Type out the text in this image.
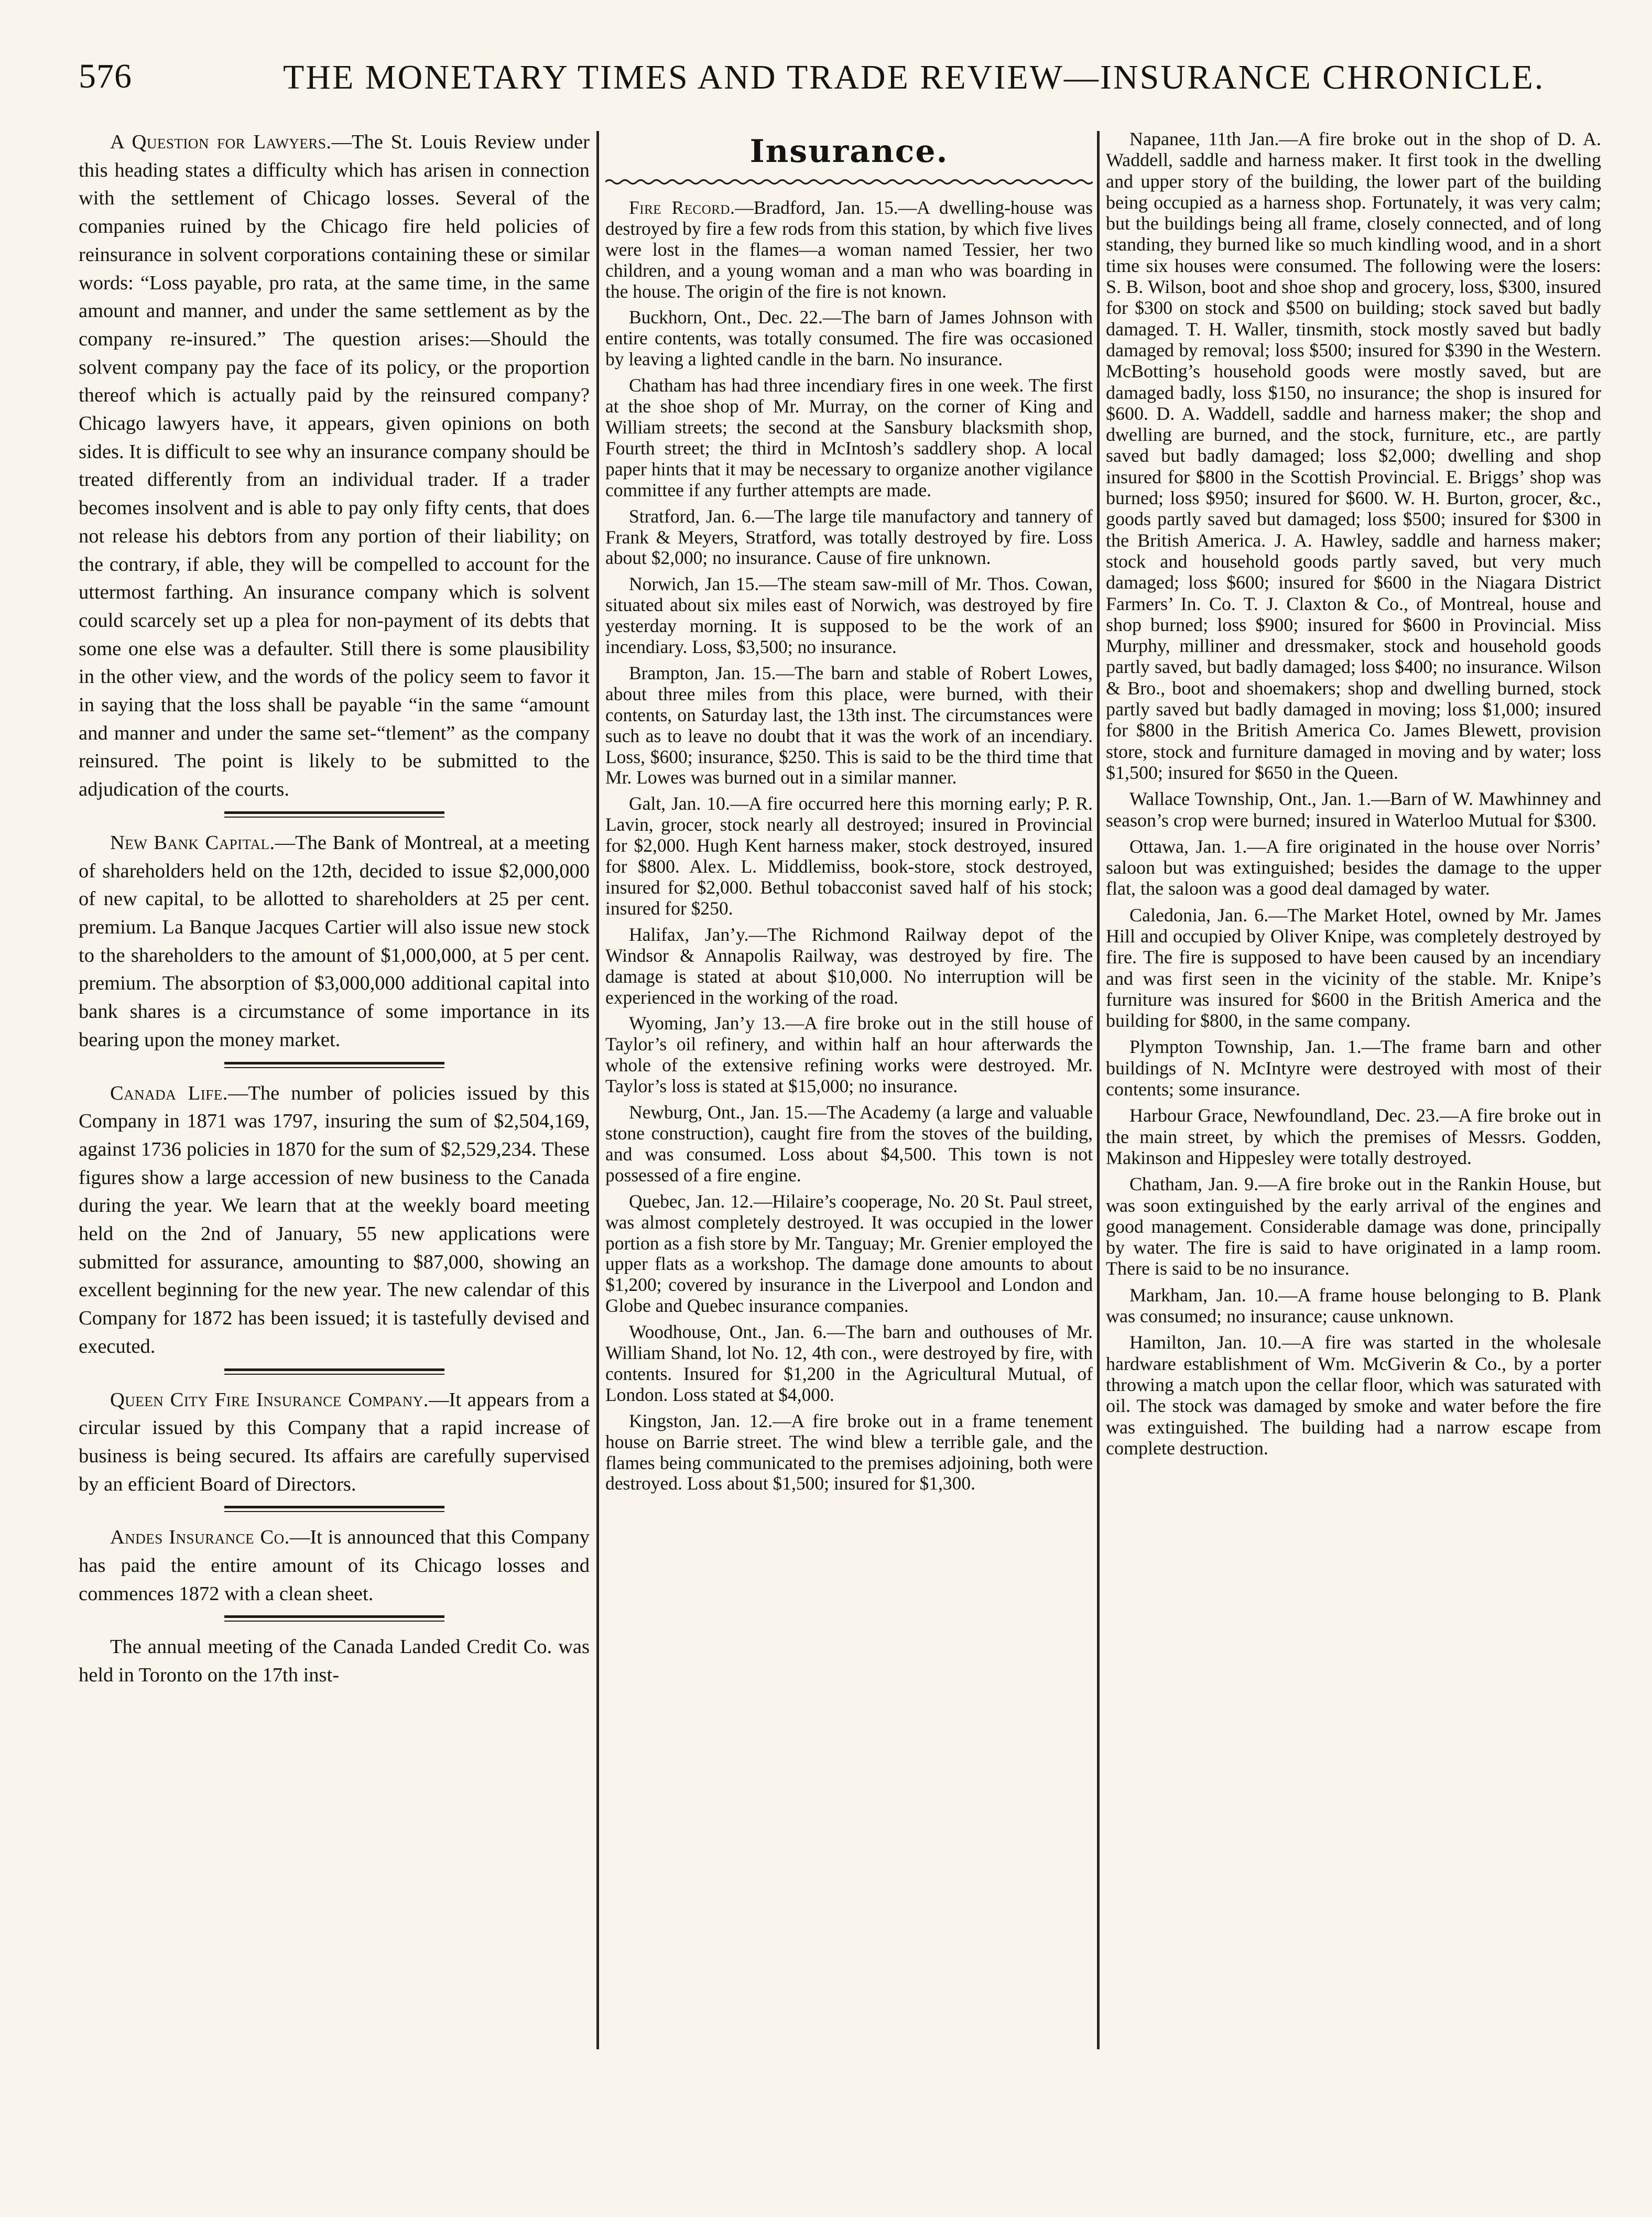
576	THE MONETARY TIMES AND TRADE REVIEW—INSURANCE CHRONICLE.

A Question for Lawyers.—The St. Louis Review under this heading states a difficulty which has arisen in connection with the settlement of Chicago losses. Several of the companies ruined by the Chicago fire held policies of reinsurance in solvent corporations containing these or similar words: “Loss payable, pro rata, at the same time, in the same amount and manner, and under the same settlement as by the company re-insured.” The question arises:—Should the solvent company pay the face of its policy, or the proportion thereof which is actually paid by the reinsured company? Chicago lawyers have, it appears, given opinions on both sides. It is difficult to see why an insurance company should be treated differently from an individual trader. If a trader becomes insolvent and is able to pay only fifty cents, that does not release his debtors from any portion of their liability; on the contrary, if able, they will be compelled to account for the uttermost farthing. An insurance company which is solvent could scarcely set up a plea for non-payment of its debts that some one else was a defaulter. Still there is some plausibility in the other view, and the words of the policy seem to favor it in saying that the loss shall be payable “in the same “amount and manner and under the same set-“tlement” as the company reinsured. The point is likely to be submitted to the adjudication of the courts.

New Bank Capital.—The Bank of Montreal, at a meeting of shareholders held on the 12th, decided to issue $2,000,000 of new capital, to be allotted to shareholders at 25 per cent. premium. La Banque Jacques Cartier will also issue new stock to the shareholders to the amount of $1,000,000, at 5 per cent. premium. The absorption of $3,000,000 additional capital into bank shares is a circumstance of some importance in its bearing upon the money market.

Canada Life.—The number of policies issued by this Company in 1871 was 1797, insuring the sum of $2,504,169, against 1736 policies in 1870 for the sum of $2,529,234. These figures show a large accession of new business to the Canada during the year. We learn that at the weekly board meeting held on the 2nd of January, 55 new applications were submitted for assurance, amounting to $87,000, showing an excellent beginning for the new year. The new calendar of this Company for 1872 has been issued; it is tastefully devised and executed.

Queen City Fire Insurance Company.—It appears from a circular issued by this Company that a rapid increase of business is being secured. Its affairs are carefully supervised by an efficient Board of Directors.

Andes Insurance Co.—It is announced that this Company has paid the entire amount of its Chicago losses and commences 1872 with a clean sheet.

The annual meeting of the Canada Landed Credit Co. was held in Toronto on the 17th inst-

Insurance.

Fire Record.—Bradford, Jan. 15.—A dwelling-house was destroyed by fire a few rods from this station, by which five lives were lost in the flames—a woman named Tessier, her two children, and a young woman and a man who was boarding in the house. The origin of the fire is not known.

Buckhorn, Ont., Dec. 22.—The barn of James Johnson with entire contents, was totally consumed. The fire was occasioned by leaving a lighted candle in the barn. No insurance.

Chatham has had three incendiary fires in one week. The first at the shoe shop of Mr. Murray, on the corner of King and William streets; the second at the Sansbury blacksmith shop, Fourth street; the third in McIntosh’s saddlery shop. A local paper hints that it may be necessary to organize another vigilance committee if any further attempts are made.

Stratford, Jan. 6.—The large tile manufactory and tannery of Frank & Meyers, Stratford, was totally destroyed by fire. Loss about $2,000; no insurance. Cause of fire unknown.

Norwich, Jan 15.—The steam saw-mill of Mr. Thos. Cowan, situated about six miles east of Norwich, was destroyed by fire yesterday morning. It is supposed to be the work of an incendiary. Loss, $3,500; no insurance.

Brampton, Jan. 15.—The barn and stable of Robert Lowes, about three miles from this place, were burned, with their contents, on Saturday last, the 13th inst. The circumstances were such as to leave no doubt that it was the work of an incendiary. Loss, $600; insurance, $250. This is said to be the third time that Mr. Lowes was burned out in a similar manner.

Galt, Jan. 10.—A fire occurred here this morning early; P. R. Lavin, grocer, stock nearly all destroyed; insured in Provincial for $2,000. Hugh Kent harness maker, stock destroyed, insured for $800. Alex. L. Middlemiss, book-store, stock destroyed, insured for $2,000. Bethul tobacconist saved half of his stock; insured for $250.

Halifax, Jan’y.—The Richmond Railway depot of the Windsor & Annapolis Railway, was destroyed by fire. The damage is stated at about $10,000. No interruption will be experienced in the working of the road.

Wyoming, Jan’y 13.—A fire broke out in the still house of Taylor’s oil refinery, and within half an hour afterwards the whole of the extensive refining works were destroyed. Mr. Taylor’s loss is stated at $15,000; no insurance.

Newburg, Ont., Jan. 15.—The Academy (a large and valuable stone construction), caught fire from the stoves of the building, and was consumed. Loss about $4,500. This town is not possessed of a fire engine.

Quebec, Jan. 12.—Hilaire’s cooperage, No. 20 St. Paul street, was almost completely destroyed. It was occupied in the lower portion as a fish store by Mr. Tanguay; Mr. Grenier employed the upper flats as a workshop. The damage done amounts to about $1,200; covered by insurance in the Liverpool and London and Globe and Quebec insurance companies.

Woodhouse, Ont., Jan. 6.—The barn and outhouses of Mr. William Shand, lot No. 12, 4th con., were destroyed by fire, with contents. Insured for $1,200 in the Agricultural Mutual, of London. Loss stated at $4,000.

Kingston, Jan. 12.—A fire broke out in a frame tenement house on Barrie street. The wind blew a terrible gale, and the flames being communicated to the premises adjoining, both were destroyed. Loss about $1,500; insured for $1,300.

Napanee, 11th Jan.—A fire broke out in the shop of D. A. Waddell, saddle and harness maker. It first took in the dwelling and upper story of the building, the lower part of the building being occupied as a harness shop. Fortunately, it was very calm; but the buildings being all frame, closely connected, and of long standing, they burned like so much kindling wood, and in a short time six houses were consumed. The following were the losers: S. B. Wilson, boot and shoe shop and grocery, loss, $300, insured for $300 on stock and $500 on building; stock saved but badly damaged. T. H. Waller, tinsmith, stock mostly saved but badly damaged by removal; loss $500; insured for $390 in the Western. McBotting’s household goods were mostly saved, but are damaged badly, loss $150, no insurance; the shop is insured for $600. D. A. Waddell, saddle and harness maker; the shop and dwelling are burned, and the stock, furniture, etc., are partly saved but badly damaged; loss $2,000; dwelling and shop insured for $800 in the Scottish Provincial. E. Briggs’ shop was burned; loss $950; insured for $600. W. H. Burton, grocer, &c., goods partly saved but damaged; loss $500; insured for $300 in the British America. J. A. Hawley, saddle and harness maker; stock and household goods partly saved, but very much damaged; loss $600; insured for $600 in the Niagara District Farmers’ In. Co. T. J. Claxton & Co., of Montreal, house and shop burned; loss $900; insured for $600 in Provincial. Miss Murphy, milliner and dressmaker, stock and household goods partly saved, but badly damaged; loss $400; no insurance. Wilson & Bro., boot and shoemakers; shop and dwelling burned, stock partly saved but badly damaged in moving; loss $1,000; insured for $800 in the British America Co. James Blewett, provision store, stock and furniture damaged in moving and by water; loss $1,500; insured for $650 in the Queen.

Wallace Township, Ont., Jan. 1.—Barn of W. Mawhinney and season’s crop were burned; insured in Waterloo Mutual for $300.

Ottawa, Jan. 1.—A fire originated in the house over Norris’ saloon but was extinguished; besides the damage to the upper flat, the saloon was a good deal damaged by water.

Caledonia, Jan. 6.—The Market Hotel, owned by Mr. James Hill and occupied by Oliver Knipe, was completely destroyed by fire. The fire is supposed to have been caused by an incendiary and was first seen in the vicinity of the stable. Mr. Knipe’s furniture was insured for $600 in the British America and the building for $800, in the same company.

Plympton Township, Jan. 1.—The frame barn and other buildings of N. McIntyre were destroyed with most of their contents; some insurance.

Harbour Grace, Newfoundland, Dec. 23.—A fire broke out in the main street, by which the premises of Messrs. Godden, Makinson and Hippesley were totally destroyed.

Chatham, Jan. 9.—A fire broke out in the Rankin House, but was soon extinguished by the early arrival of the engines and good management. Considerable damage was done, principally by water. The fire is said to have originated in a lamp room. There is said to be no insurance.

Markham, Jan. 10.—A frame house belonging to B. Plank was consumed; no insurance; cause unknown.

Hamilton, Jan. 10.—A fire was started in the wholesale hardware establishment of Wm. McGiverin & Co., by a porter throwing a match upon the cellar floor, which was saturated with oil. The stock was damaged by smoke and water before the fire was extinguished. The building had a narrow escape from complete destruction.
